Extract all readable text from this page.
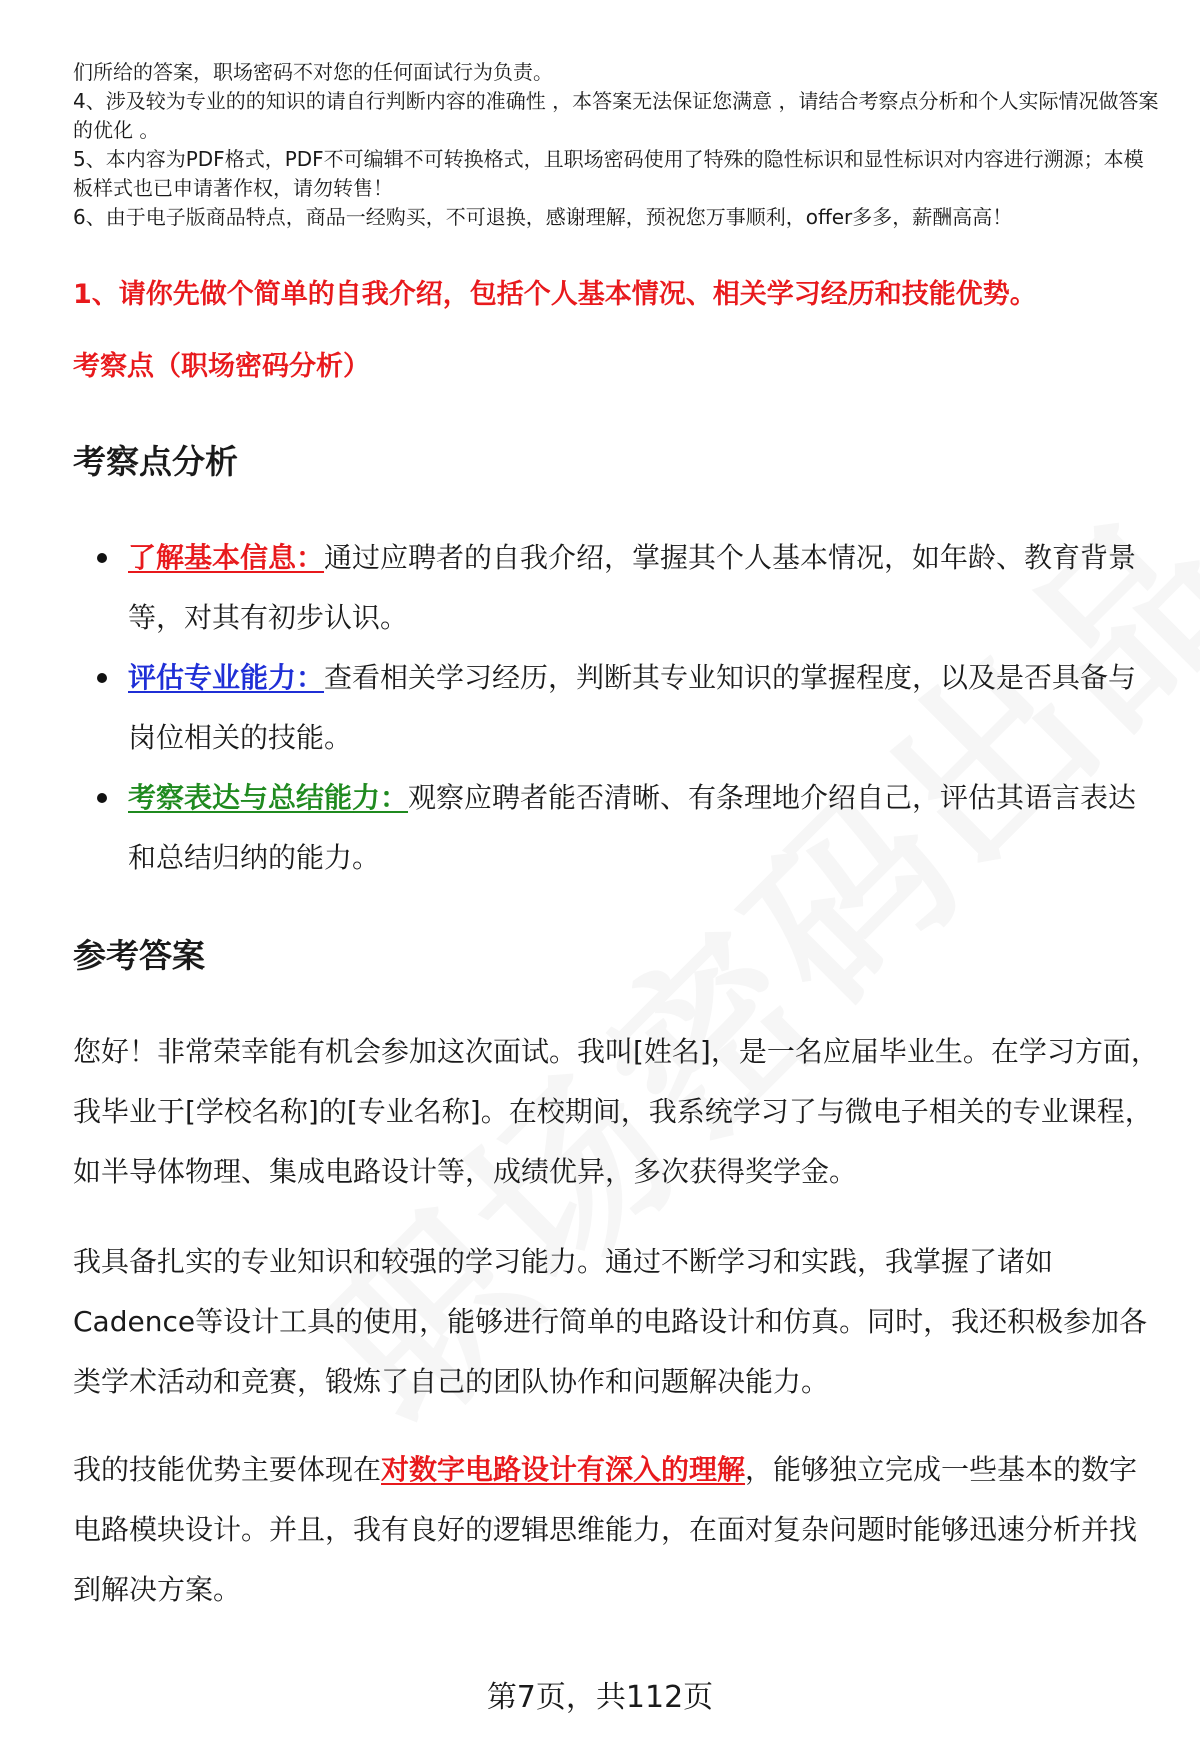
们所给的答案，职场密码不对您的任何面试行为负责。
4、涉及较为专业的的知识的请自行判断内容的准确性 ，本答案无法保证您满意 ，请结合考察点分析和个人实际情况做答案的优化 。
5、本内容为PDF格式，PDF不可编辑不可转换格式，且职场密码使用了特殊的隐性标识和显性标识对内容进行溯源；本模板样式也已申请著作权，请勿转售！
6、由于电子版商品特点，商品一经购买，不可退换，感谢理解，预祝您万事顺利，offer多多，薪酬高高！
1、请你先做个简单的自我介绍，包括个人基本情况、相关学习经历和技能优势。
考察点（职场密码分析）
考察点分析
了解基本信息：通过应聘者的自我介绍，掌握其个人基本情况，如年龄、教育背景等，对其有初步认识。
评估专业能力：查看相关学习经历，判断其专业知识的掌握程度，以及是否具备与岗位相关的技能。
考察表达与总结能力：观察应聘者能否清晰、有条理地介绍自己，评估其语言表达和总结归纳的能力。
参考答案
您好！非常荣幸能有机会参加这次面试。我叫[姓名]，是一名应届毕业生。在学习方面，我毕业于[学校名称]的[专业名称]。在校期间，我系统学习了与微电子相关的专业课程，如半导体物理、集成电路设计等，成绩优异，多次获得奖学金。
我具备扎实的专业知识和较强的学习能力。通过不断学习和实践，我掌握了诸如Cadence等设计工具的使用，能够进行简单的电路设计和仿真。同时，我还积极参加各类学术活动和竞赛，锻炼了自己的团队协作和问题解决能力。
我的技能优势主要体现在对数字电路设计有深入的理解，能够独立完成一些基本的数字电路模块设计。并且，我有良好的逻辑思维能力，在面对复杂问题时能够迅速分析并找到解决方案。
第7页，共112页
